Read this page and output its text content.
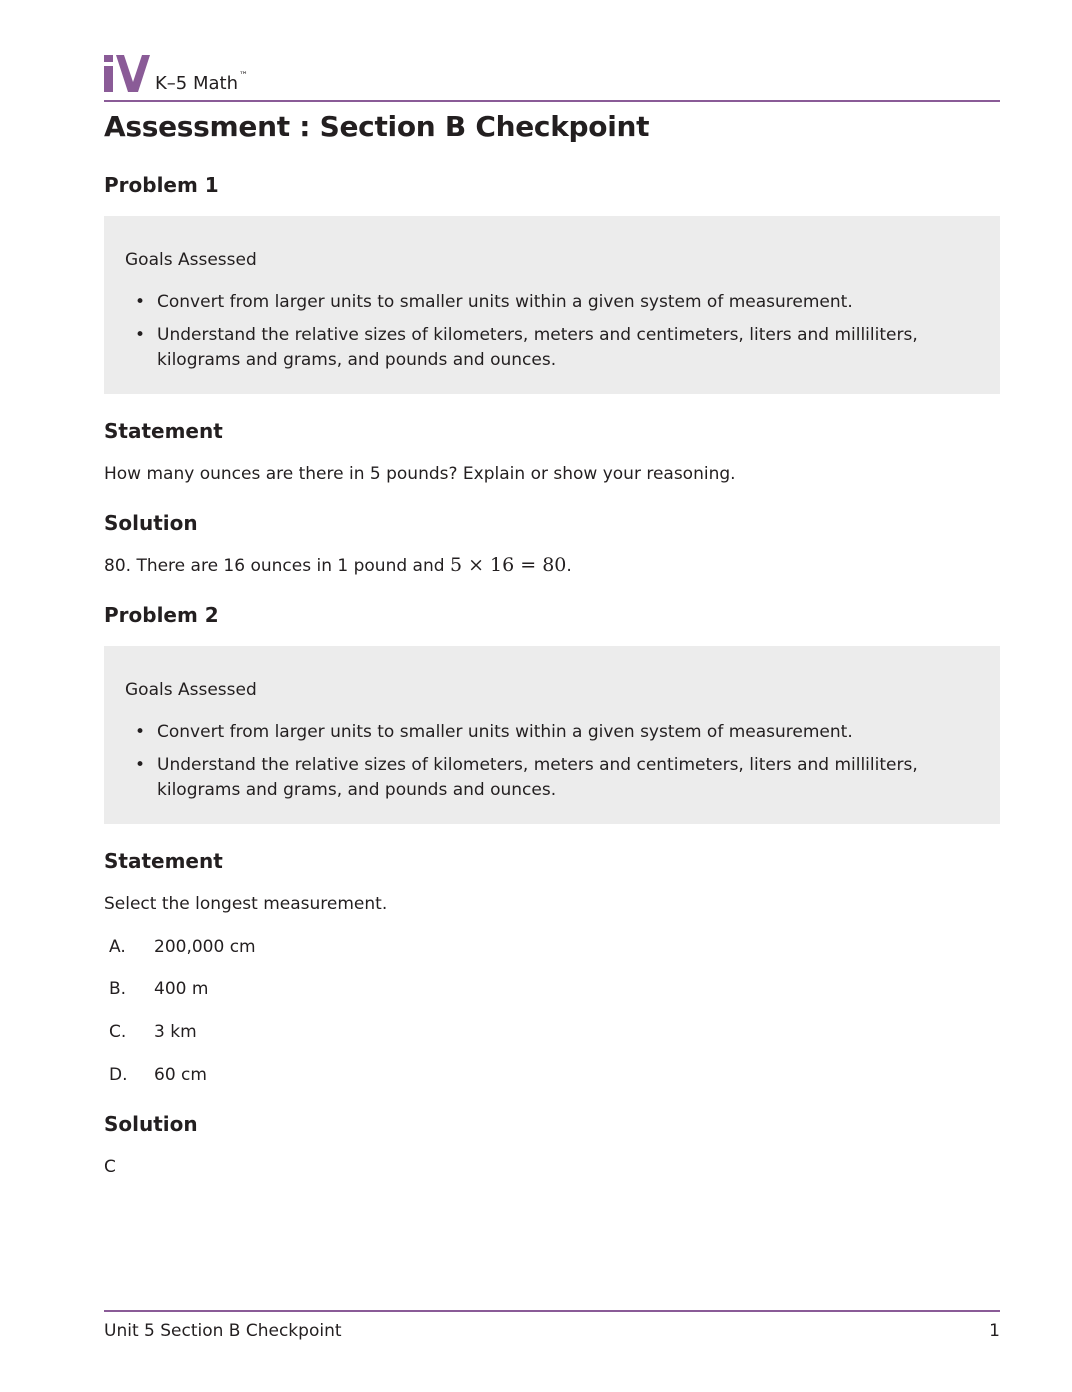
K–5 Math™
Assessment : Section B Checkpoint
Problem 1
Goals Assessed
• Convert from larger units to smaller units within a given system of measurement.
• Understand the relative sizes of kilometers, meters and centimeters, liters and milliliters, kilograms and grams, and pounds and ounces.
Statement
How many ounces are there in 5 pounds? Explain or show your reasoning.
Solution
80. There are 16 ounces in 1 pound and 5 × 16 = 80.
Problem 2
Goals Assessed
• Convert from larger units to smaller units within a given system of measurement.
• Understand the relative sizes of kilometers, meters and centimeters, liters and milliliters, kilograms and grams, and pounds and ounces.
Statement
Select the longest measurement.
A. 200,000 cm
B. 400 m
C. 3 km
D. 60 cm
Solution
C
Unit 5 Section B Checkpoint	1
